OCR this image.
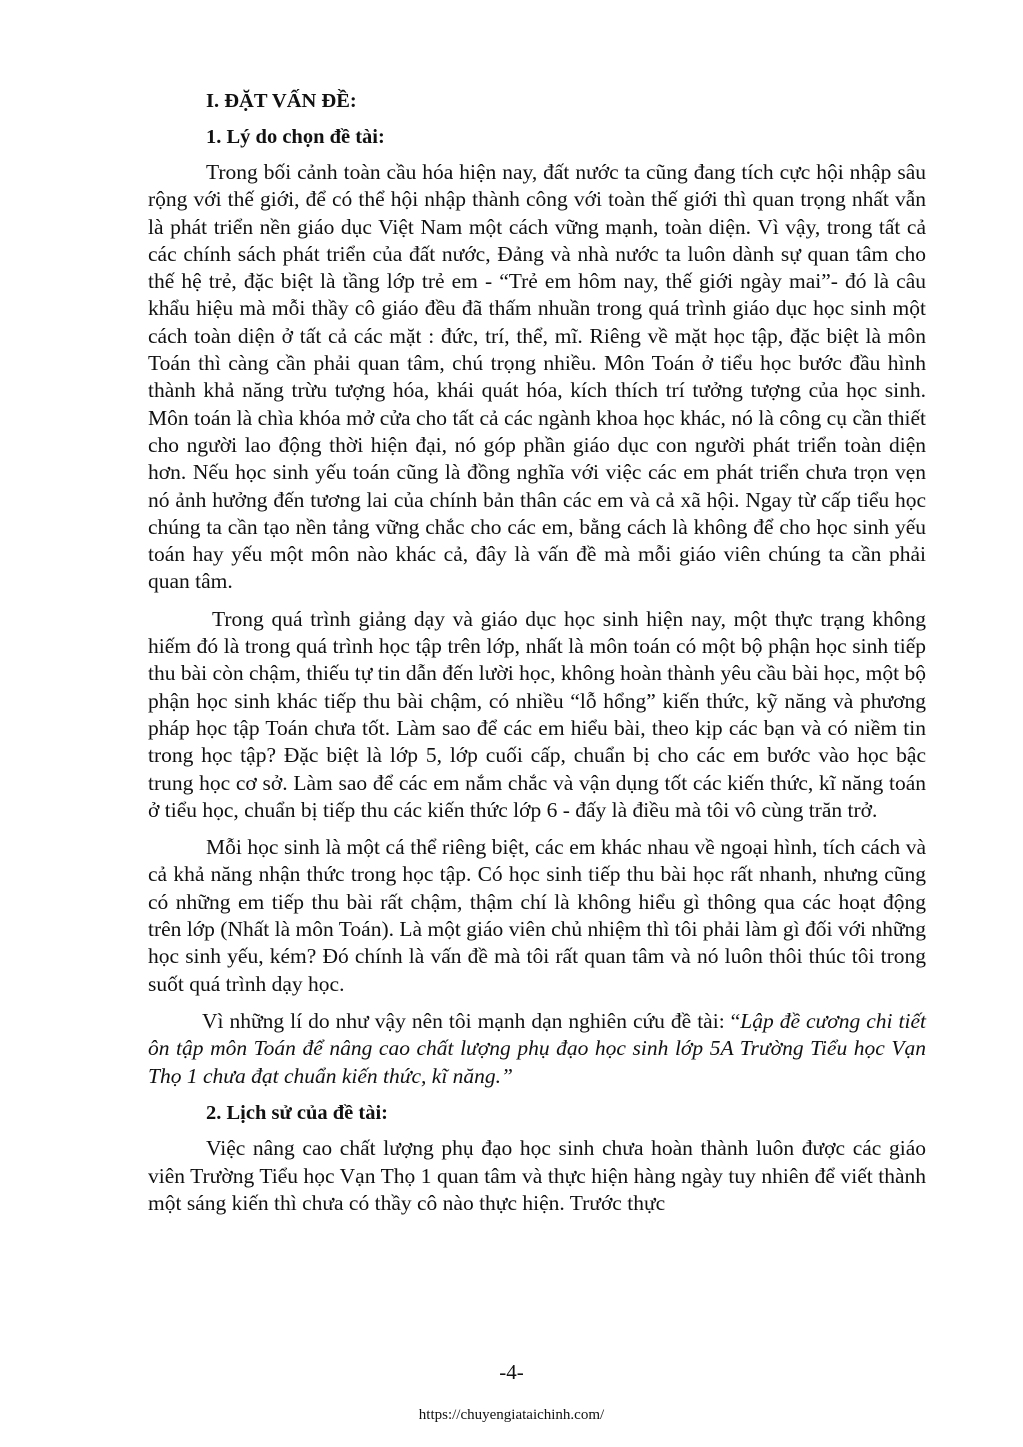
I. ĐẶT VẤN ĐỀ:
1. Lý do chọn đề tài:

Trong bối cảnh toàn cầu hóa hiện nay, đất nước ta cũng đang tích cực hội nhập sâu rộng với thế giới, để có thể hội nhập thành công với toàn thế giới thì quan trọng nhất vẫn là phát triển nền giáo dục Việt Nam một cách vững mạnh, toàn diện. Vì vậy, trong tất cả các chính sách phát triển của đất nước, Đảng và nhà nước ta luôn dành sự quan tâm cho thế hệ trẻ, đặc biệt là tầng lớp trẻ em - “Trẻ em hôm nay, thế giới ngày mai”- đó là câu khẩu hiệu mà mỗi thầy cô giáo đều đã thấm nhuần trong quá trình giáo dục học sinh một cách toàn diện ở tất cả các mặt : đức, trí, thể, mĩ. Riêng về mặt học tập, đặc biệt là môn Toán thì càng cần phải quan tâm, chú trọng nhiều. Môn Toán ở tiểu học bước đầu hình thành khả năng trừu tượng hóa, khái quát hóa, kích thích trí tưởng tượng của học sinh. Môn toán là chìa khóa mở cửa cho tất cả các ngành khoa học khác, nó là công cụ cần thiết cho người lao động thời hiện đại, nó góp phần giáo dục con người phát triển toàn diện hơn. Nếu học sinh yếu toán cũng là đồng nghĩa với việc các em phát triển chưa trọn vẹn nó ảnh hưởng đến tương lai của chính bản thân các em và cả xã hội. Ngay từ cấp tiểu học chúng ta cần tạo nền tảng vững chắc cho các em, bằng cách là không để cho học sinh yếu toán hay yếu một môn nào khác cả, đây là vấn đề mà mỗi giáo viên chúng ta cần phải quan tâm.

Trong quá trình giảng dạy và giáo dục học sinh hiện nay, một thực trạng không hiếm đó là trong quá trình học tập trên lớp, nhất là môn toán có một bộ phận học sinh tiếp thu bài còn chậm, thiếu tự tin dẫn đến lười học, không hoàn thành yêu cầu bài học, một bộ phận học sinh khác tiếp thu bài chậm, có nhiều “lỗ hổng” kiến thức, kỹ năng và phương pháp học tập Toán chưa tốt. Làm sao để các em hiểu bài, theo kịp các bạn và có niềm tin trong học tập? Đặc biệt là lớp 5, lớp cuối cấp, chuẩn bị cho các em bước vào học bậc trung học cơ sở. Làm sao để các em nắm chắc và vận dụng tốt các kiến thức, kĩ năng toán ở tiểu học, chuẩn bị tiếp thu các kiến thức lớp 6 - đấy là điều mà tôi vô cùng trăn trở.

Mỗi học sinh là một cá thể riêng biệt, các em khác nhau về ngoại hình, tích cách và cả khả năng nhận thức trong học tập. Có học sinh tiếp thu bài học rất nhanh, nhưng cũng có những em tiếp thu bài rất chậm, thậm chí là không hiểu gì thông qua các hoạt động trên lớp (Nhất là môn Toán). Là một giáo viên chủ nhiệm thì tôi phải làm gì đối với những học sinh yếu, kém? Đó chính là vấn đề mà tôi rất quan tâm và nó luôn thôi thúc tôi trong suốt quá trình dạy học.

Vì những lí do như vậy nên tôi mạnh dạn nghiên cứu đề tài: “Lập đề cương chi tiết ôn tập môn Toán để nâng cao chất lượng phụ đạo học sinh lớp 5A Trường Tiểu học Vạn Thọ 1 chưa đạt chuẩn kiến thức, kĩ năng.”

2. Lịch sử của đề tài:

Việc nâng cao chất lượng phụ đạo học sinh chưa hoàn thành luôn được các giáo viên Trường Tiểu học Vạn Thọ 1 quan tâm và thực hiện hàng ngày tuy nhiên để viết thành một sáng kiến thì chưa có thầy cô nào thực hiện. Trước thực

-4-
https://chuyengiataichinh.com/
